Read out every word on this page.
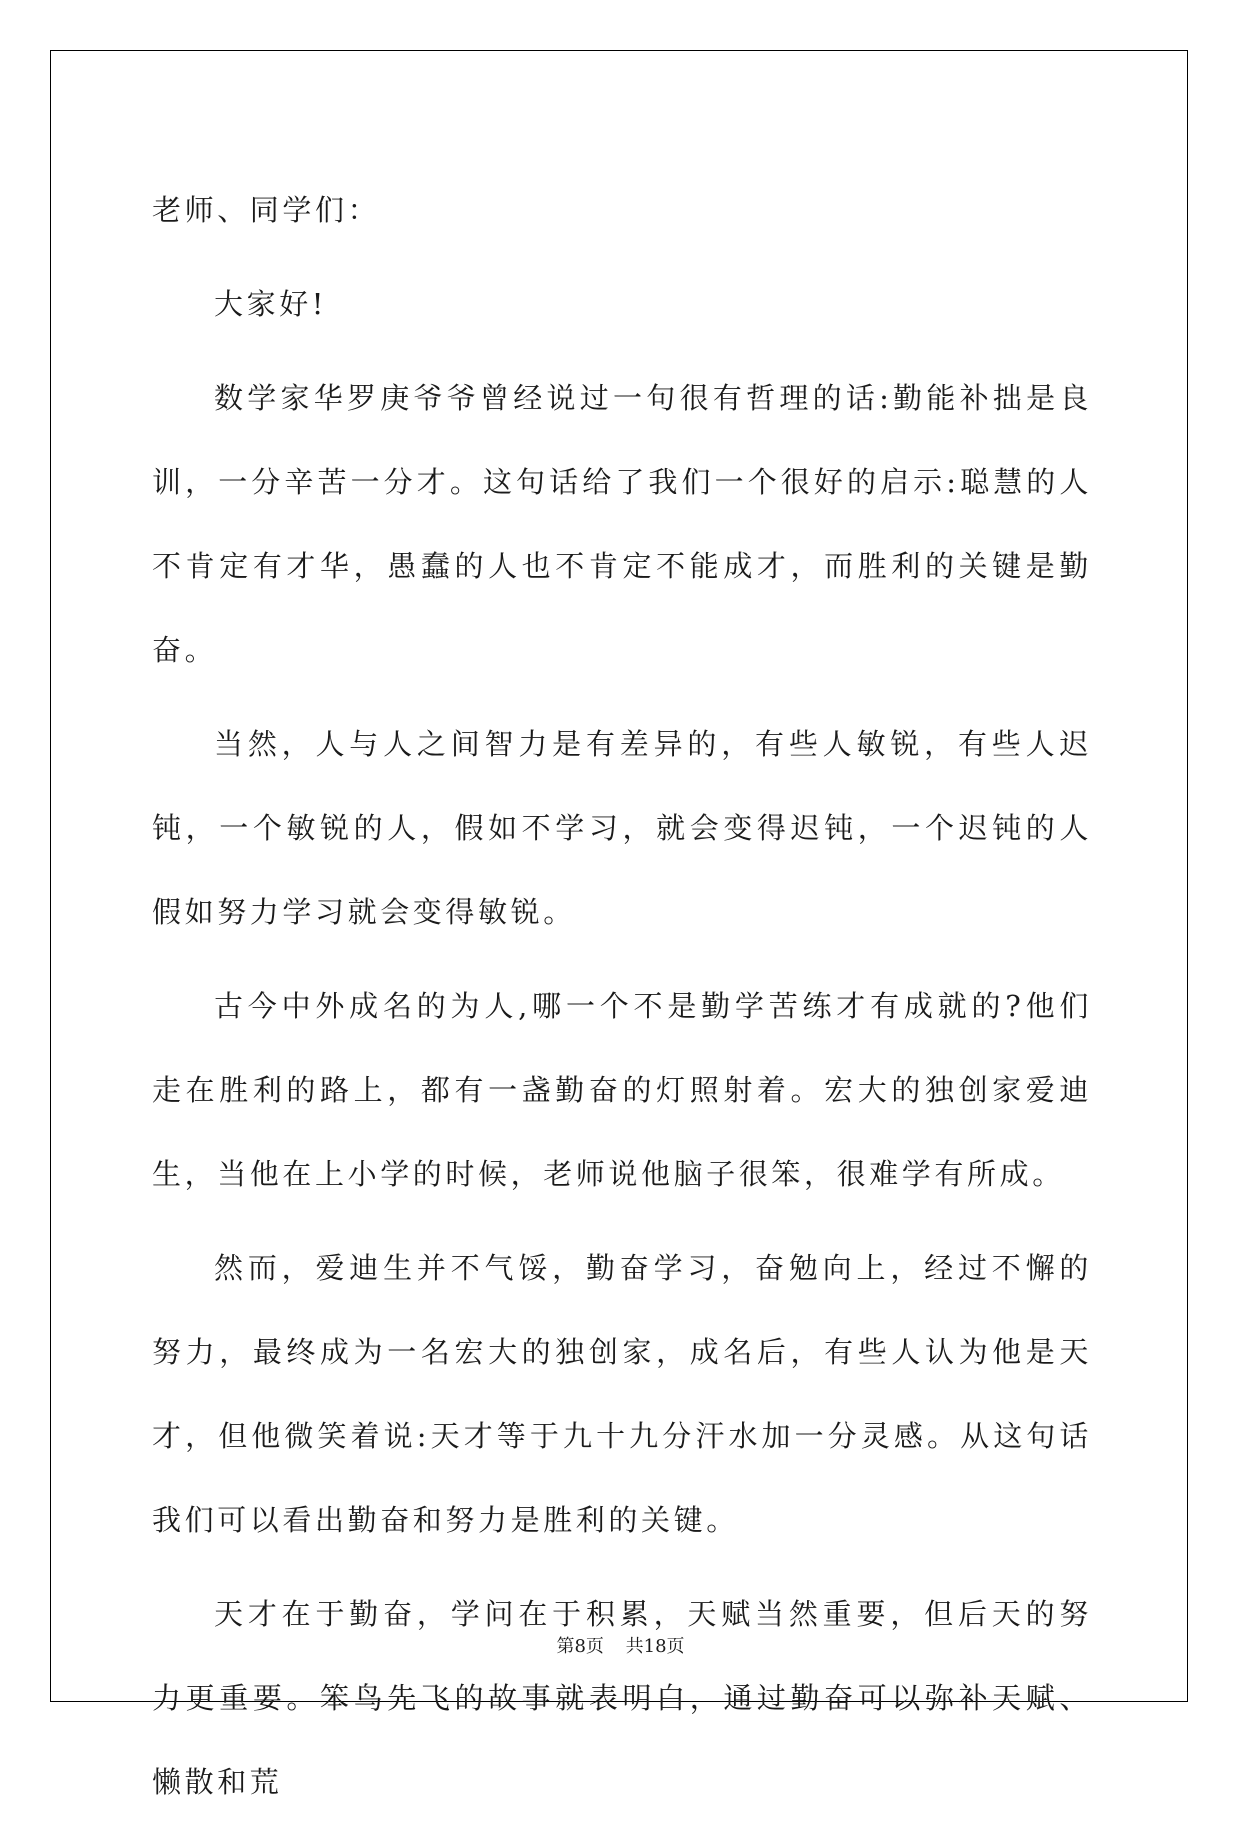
老师、同学们：

大家好!

数学家华罗庚爷爷曾经说过一句很有哲理的话:勤能补拙是良训，一分辛苦一分才。这句话给了我们一个很好的启示:聪慧的人不肯定有才华，愚蠢的人也不肯定不能成才，而胜利的关键是勤奋。

当然，人与人之间智力是有差异的，有些人敏锐，有些人迟钝，一个敏锐的人，假如不学习，就会变得迟钝，一个迟钝的人假如努力学习就会变得敏锐。

古今中外成名的为人,哪一个不是勤学苦练才有成就的?他们走在胜利的路上，都有一盏勤奋的灯照射着。宏大的独创家爱迪生，当他在上小学的时候，老师说他脑子很笨，很难学有所成。

然而，爱迪生并不气馁，勤奋学习，奋勉向上，经过不懈的努力，最终成为一名宏大的独创家，成名后，有些人认为他是天才，但他微笑着说:天才等于九十九分汗水加一分灵感。从这句话我们可以看出勤奋和努力是胜利的关键。

天才在于勤奋，学问在于积累，天赋当然重要，但后天的努力更重要。笨鸟先飞的故事就表明白，通过勤奋可以弥补天赋、懒散和荒

第8页 共18页
